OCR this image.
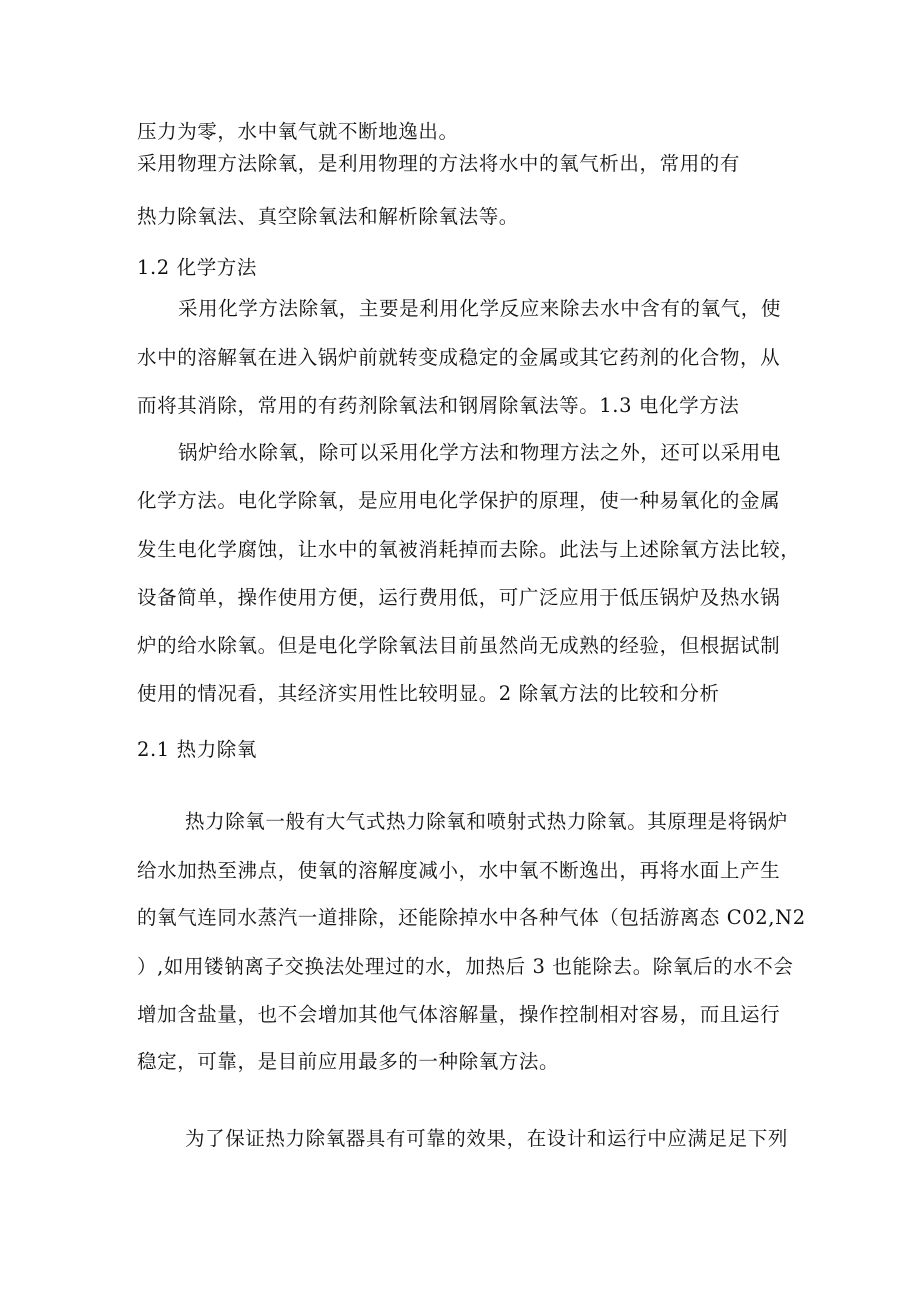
压力为零，水中氧气就不断地逸出。
采用物理方法除氧，是利用物理的方法将水中的氧气析出，常用的有
热力除氧法、真空除氧法和解析除氧法等。
1.2 化学方法
采用化学方法除氧，主要是利用化学反应来除去水中含有的氧气，使
水中的溶解氧在进入锅炉前就转变成稳定的金属或其它药剂的化合物，从
而将其消除，常用的有药剂除氧法和钢屑除氧法等。1.3 电化学方法
锅炉给水除氧，除可以采用化学方法和物理方法之外，还可以采用电
化学方法。电化学除氧，是应用电化学保护的原理，使一种易氧化的金属
发生电化学腐蚀，让水中的氧被消耗掉而去除。此法与上述除氧方法比较，
设备简单，操作使用方便，运行费用低，可广泛应用于低压锅炉及热水锅
炉的给水除氧。但是电化学除氧法目前虽然尚无成熟的经验，但根据试制
使用的情况看，其经济实用性比较明显。2 除氧方法的比较和分析
2.1 热力除氧
热力除氧一般有大气式热力除氧和喷射式热力除氧。其原理是将锅炉
给水加热至沸点，使氧的溶解度减小，水中氧不断逸出，再将水面上产生
的氧气连同水蒸汽一道排除，还能除掉水中各种气体（包括游离态 C02,N2
）,如用镂钠离子交换法处理过的水，加热后 3 也能除去。除氧后的水不会
增加含盐量，也不会增加其他气体溶解量，操作控制相对容易，而且运行
稳定，可靠，是目前应用最多的一种除氧方法。
为了保证热力除氧器具有可靠的效果，在设计和运行中应满足足下列
